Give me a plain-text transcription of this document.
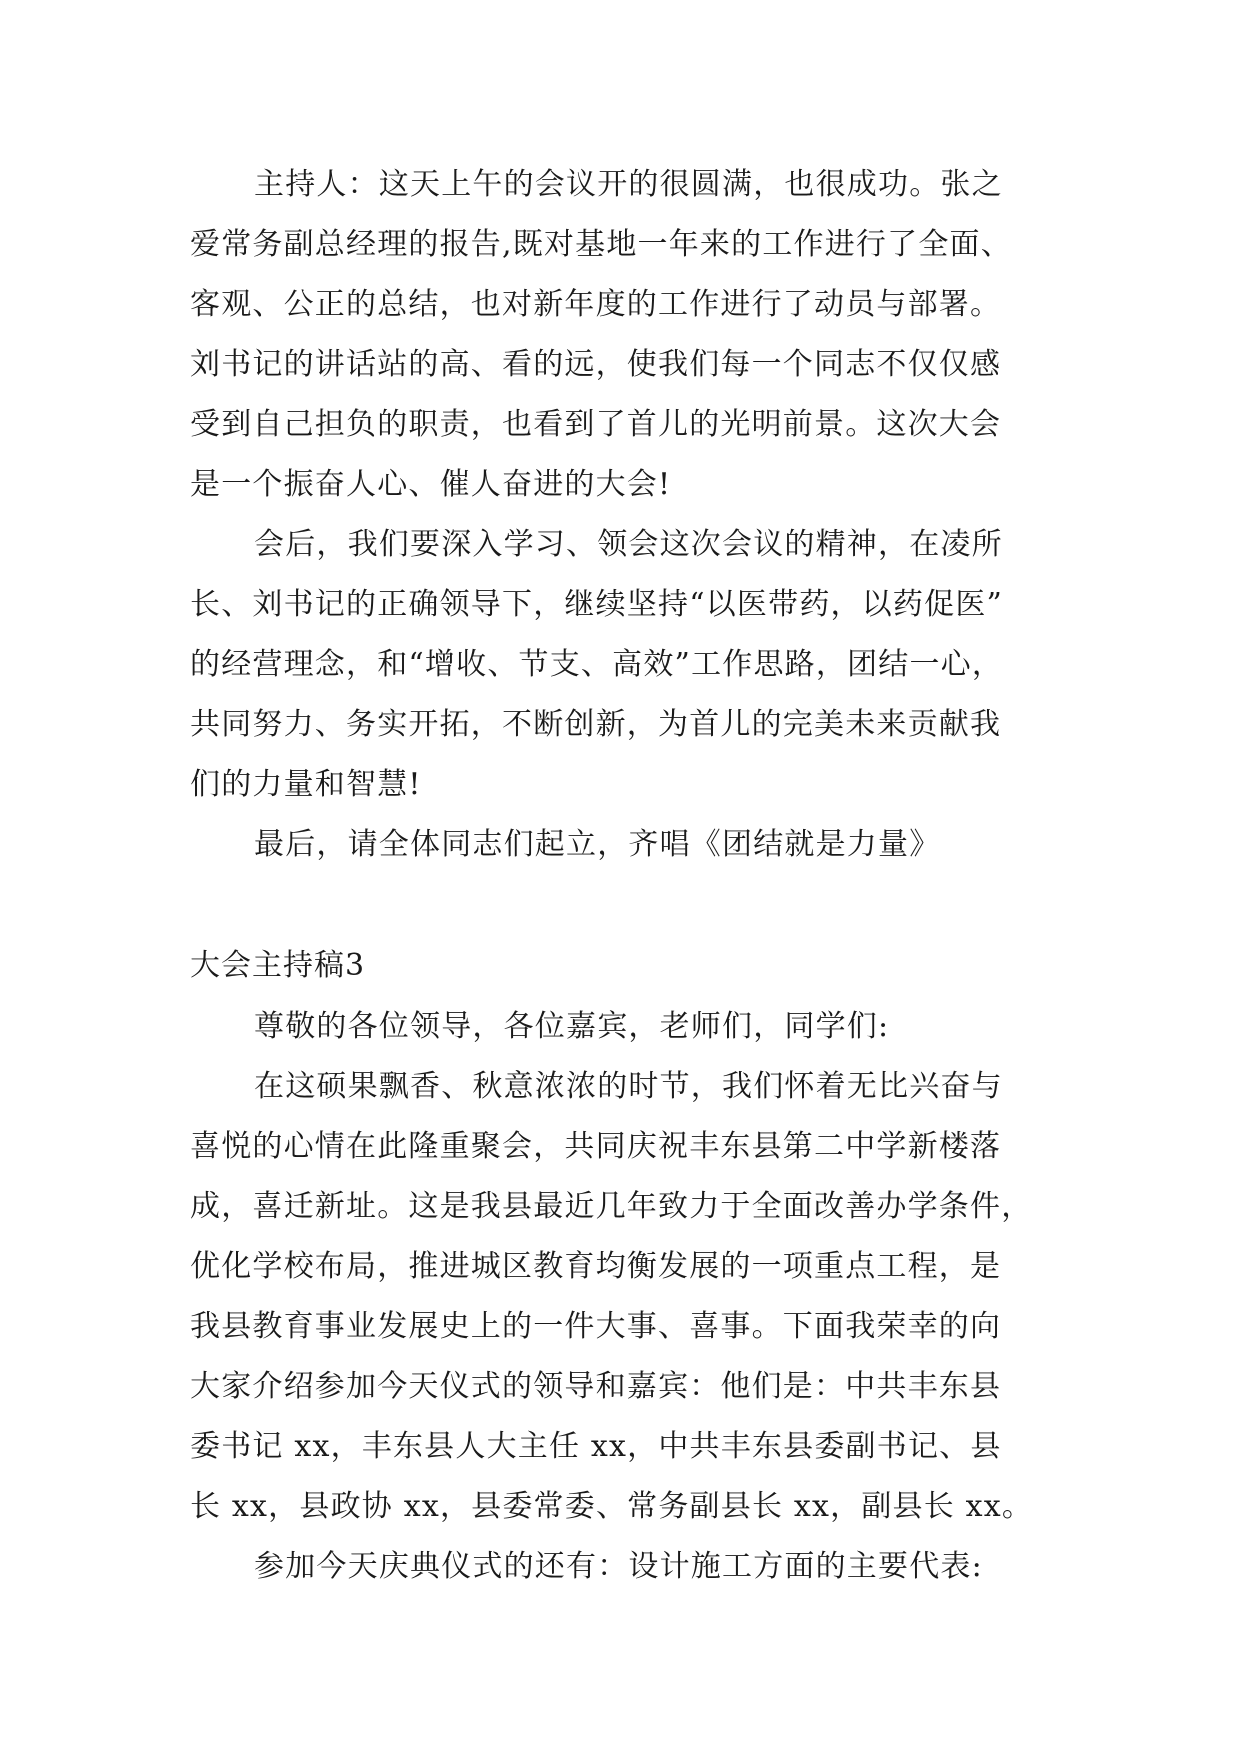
主持人：这天上午的会议开的很圆满，也很成功。张之
爱常务副总经理的报告,既对基地一年来的工作进行了全面、
客观、公正的总结，也对新年度的工作进行了动员与部署。
刘书记的讲话站的高、看的远，使我们每一个同志不仅仅感
受到自己担负的职责，也看到了首儿的光明前景。这次大会
是一个振奋人心、催人奋进的大会!
会后，我们要深入学习、领会这次会议的精神，在凌所
长、刘书记的正确领导下，继续坚持“以医带药，以药促医”
的经营理念，和“增收、节支、高效”工作思路，团结一心，
共同努力、务实开拓，不断创新，为首儿的完美未来贡献我
们的力量和智慧!
最后，请全体同志们起立，齐唱《团结就是力量》
大会主持稿3
尊敬的各位领导，各位嘉宾，老师们，同学们:
在这硕果飘香、秋意浓浓的时节，我们怀着无比兴奋与
喜悦的心情在此隆重聚会，共同庆祝丰东县第二中学新楼落
成，喜迁新址。这是我县最近几年致力于全面改善办学条件，
优化学校布局，推进城区教育均衡发展的一项重点工程，是
我县教育事业发展史上的一件大事、喜事。下面我荣幸的向
大家介绍参加今天仪式的领导和嘉宾：他们是：中共丰东县
委书记 xx，丰东县人大主任 xx，中共丰东县委副书记、县
长 xx，县政协 xx，县委常委、常务副县长 xx，副县长 xx。
参加今天庆典仪式的还有：设计施工方面的主要代表:
